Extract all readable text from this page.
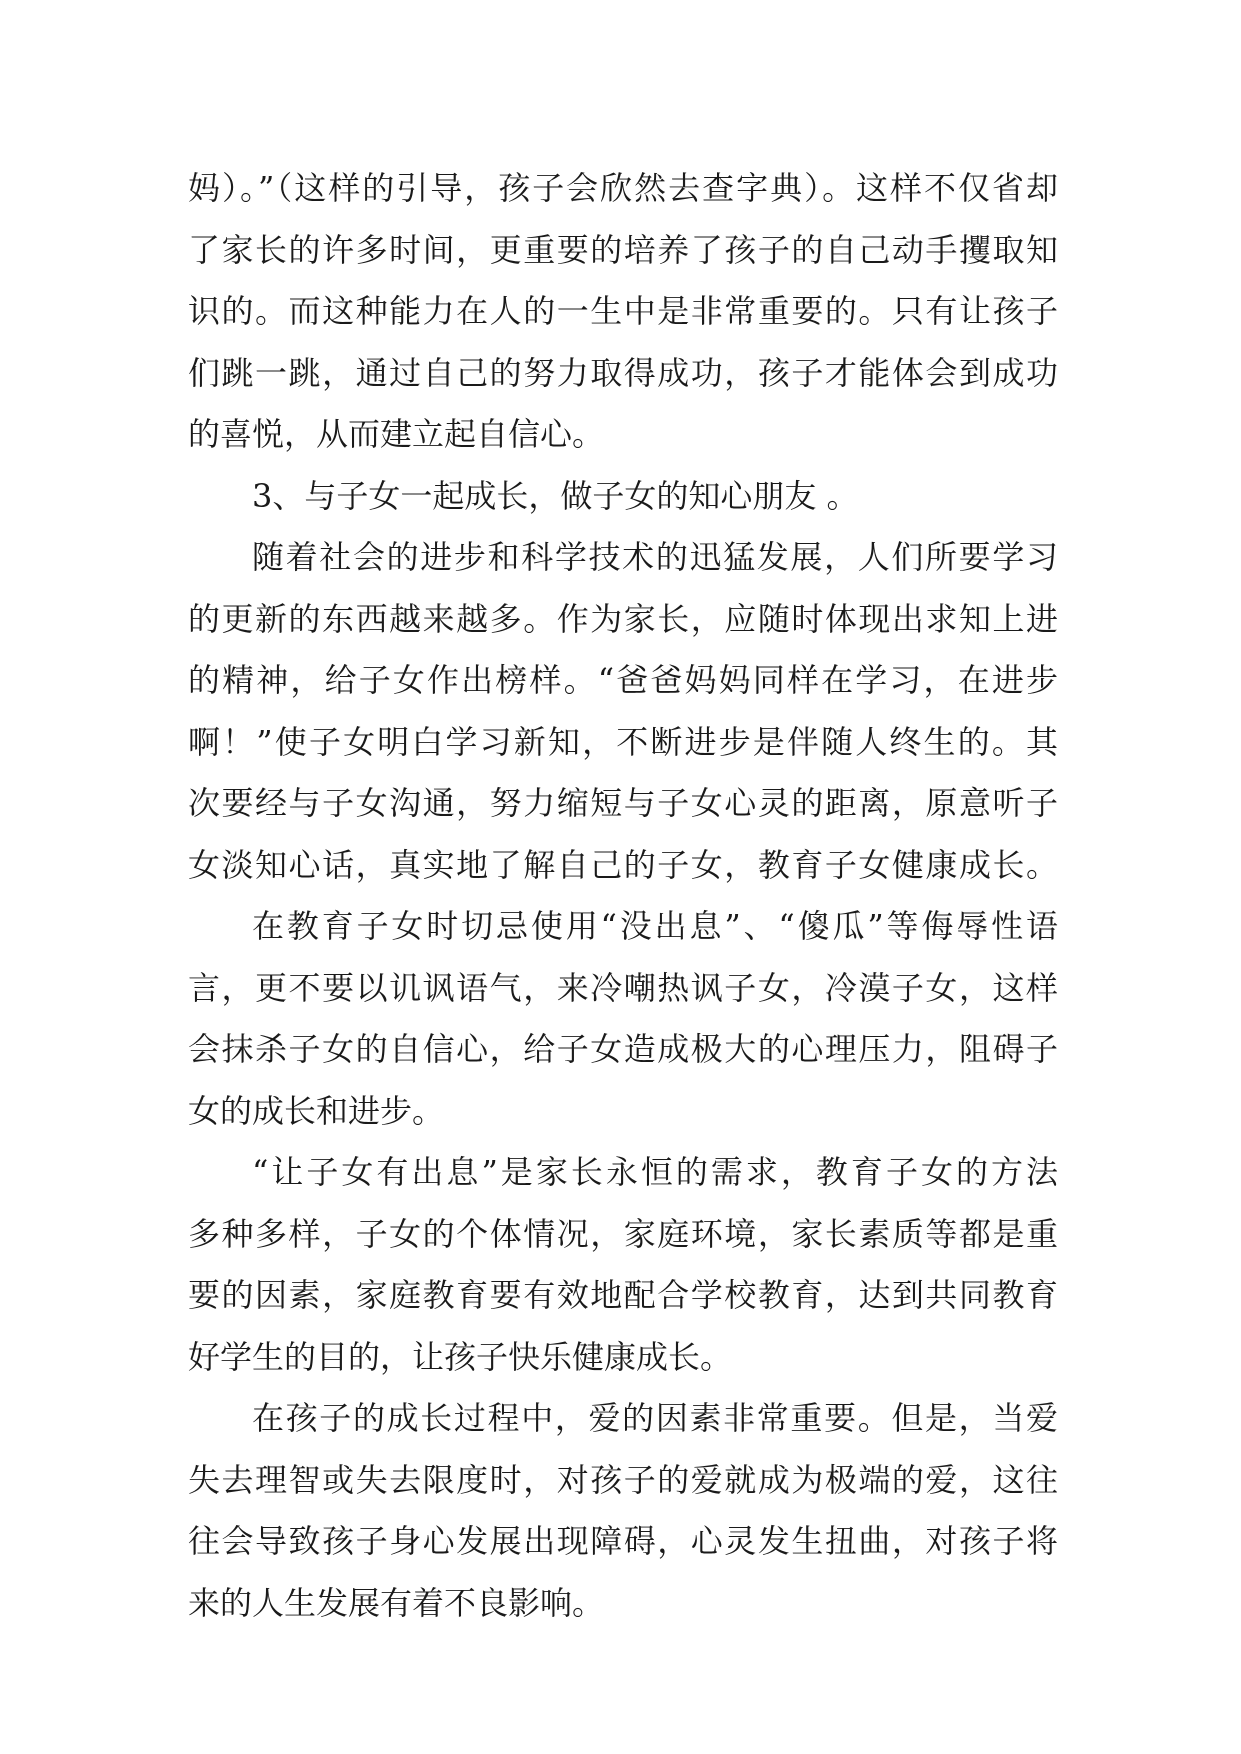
妈）。”（这样的引导，孩子会欣然去查字典）。这样不仅省却
了家长的许多时间，更重要的培养了孩子的自己动手攫取知
识的。而这种能力在人的一生中是非常重要的。只有让孩子
们跳一跳，通过自己的努力取得成功，孩子才能体会到成功
的喜悦，从而建立起自信心。
3、与子女一起成长，做子女的知心朋友 。
随着社会的进步和科学技术的迅猛发展，人们所要学习
的更新的东西越来越多。作为家长，应随时体现出求知上进
的精神，给子女作出榜样。“爸爸妈妈同样在学习，在进步
啊！”使子女明白学习新知，不断进步是伴随人终生的。其
次要经与子女沟通，努力缩短与子女心灵的距离，原意听子
女淡知心话，真实地了解自己的子女，教育子女健康成长。
在教育子女时切忌使用“没出息”、“傻瓜”等侮辱性语
言，更不要以讥讽语气，来冷嘲热讽子女，冷漠子女，这样
会抹杀子女的自信心，给子女造成极大的心理压力，阻碍子
女的成长和进步。
“让子女有出息”是家长永恒的需求，教育子女的方法
多种多样，子女的个体情况，家庭环境，家长素质等都是重
要的因素，家庭教育要有效地配合学校教育，达到共同教育
好学生的目的，让孩子快乐健康成长。
在孩子的成长过程中，爱的因素非常重要。但是，当爱
失去理智或失去限度时，对孩子的爱就成为极端的爱，这往
往会导致孩子身心发展出现障碍，心灵发生扭曲，对孩子将
来的人生发展有着不良影响。
